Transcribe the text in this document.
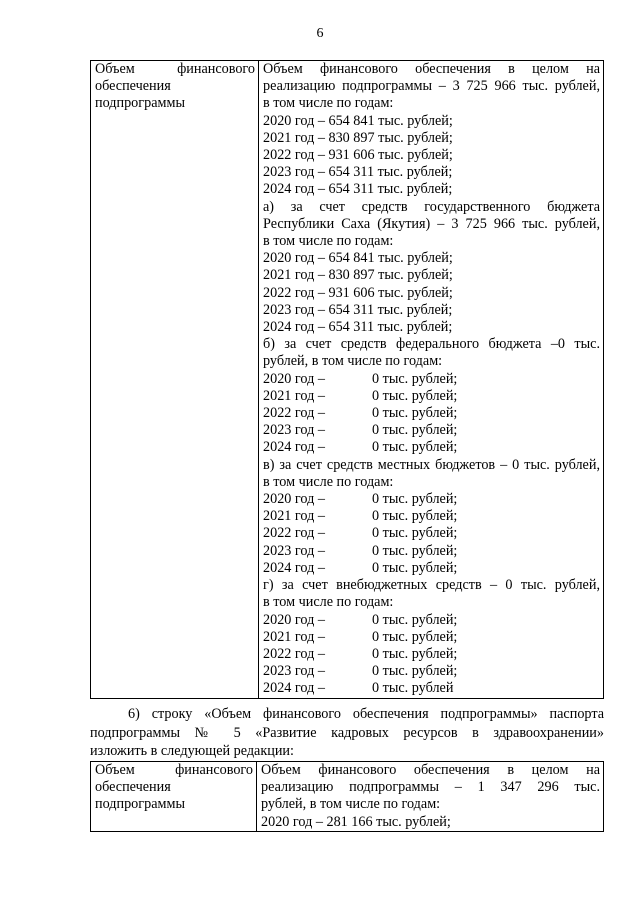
6
Объем финансового
обеспечения
подпрограммы

Объем финансового обеспечения в целом на
реализацию подпрограммы – 3 725 966 тыс. рублей,
в том числе по годам:
2020 год – 654 841 тыс. рублей;
2021 год – 830 897 тыс. рублей;
2022 год – 931 606 тыс. рублей;
2023 год – 654 311 тыс. рублей;
2024 год – 654 311 тыс. рублей;
а) за счет средств государственного бюджета
Республики Саха (Якутия) – 3 725 966 тыс. рублей,
в том числе по годам:
2020 год – 654 841 тыс. рублей;
2021 год – 830 897 тыс. рублей;
2022 год – 931 606 тыс. рублей;
2023 год – 654 311 тыс. рублей;
2024 год – 654 311 тыс. рублей;
б) за счет средств федерального бюджета –0 тыс.
рублей, в том числе по годам:
2020 год –	0 тыс. рублей;
2021 год –	0 тыс. рублей;
2022 год –	0 тыс. рублей;
2023 год –	0 тыс. рублей;
2024 год –	0 тыс. рублей;
в) за счет средств местных бюджетов – 0 тыс. рублей,
в том числе по годам:
2020 год –	0 тыс. рублей;
2021 год –	0 тыс. рублей;
2022 год –	0 тыс. рублей;
2023 год –	0 тыс. рублей;
2024 год –	0 тыс. рублей;
г) за счет внебюджетных средств – 0 тыс. рублей,
в том числе по годам:
2020 год –	0 тыс. рублей;
2021 год –	0 тыс. рублей;
2022 год –	0 тыс. рублей;
2023 год –	0 тыс. рублей;
2024 год –	0 тыс. рублей
6) строку «Объем финансового обеспечения подпрограммы» паспорта
подпрограммы № 5 «Развитие кадровых ресурсов в здравоохранении»
изложить в следующей редакции:
Объем финансового
обеспечения
подпрограммы

Объем финансового обеспечения в целом на
реализацию подпрограммы – 1 347 296 тыс.
рублей, в том числе по годам:
2020 год – 281 166 тыс. рублей;
